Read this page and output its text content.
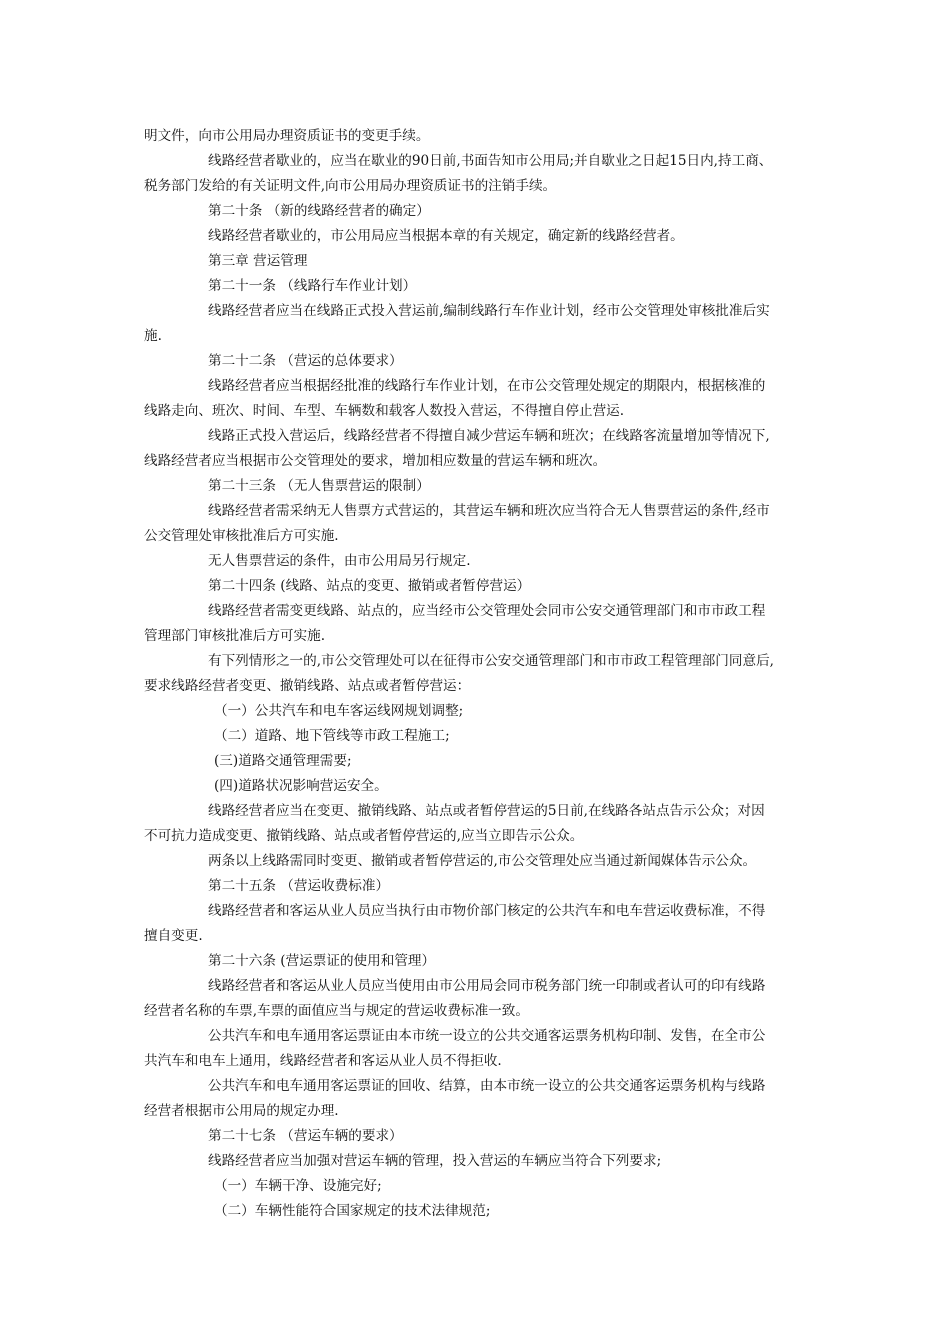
明文件，向市公用局办理资质证书的变更手续。

线路经营者歇业的，应当在歇业的90日前,书面告知市公用局;并自歇业之日起15日内,持工商、

税务部门发给的有关证明文件,向市公用局办理资质证书的注销手续。

第二十条 （新的线路经营者的确定）

线路经营者歇业的，市公用局应当根据本章的有关规定，确定新的线路经营者。

第三章 营运管理

第二十一条 （线路行车作业计划）

线路经营者应当在线路正式投入营运前,编制线路行车作业计划，经市公交管理处审核批准后实

施.

第二十二条 （营运的总体要求）

线路经营者应当根据经批准的线路行车作业计划，在市公交管理处规定的期限内，根据核准的

线路走向、班次、时间、车型、车辆数和载客人数投入营运，不得擅自停止营运.

线路正式投入营运后，线路经营者不得擅自减少营运车辆和班次；在线路客流量增加等情况下,

线路经营者应当根据市公交管理处的要求，增加相应数量的营运车辆和班次。

第二十三条 （无人售票营运的限制）

线路经营者需采纳无人售票方式营运的，其营运车辆和班次应当符合无人售票营运的条件,经市

公交管理处审核批准后方可实施.

无人售票营运的条件，由市公用局另行规定.

第二十四条 (线路、站点的变更、撤销或者暂停营运）

线路经营者需变更线路、站点的，应当经市公交管理处会同市公安交通管理部门和市市政工程

管理部门审核批准后方可实施.

有下列情形之一的,市公交管理处可以在征得市公安交通管理部门和市市政工程管理部门同意后,

要求线路经营者变更、撤销线路、站点或者暂停营运：

（一）公共汽车和电车客运线网规划调整;

（二）道路、地下管线等市政工程施工;

(三)道路交通管理需要;

(四)道路状况影响营运安全。

线路经营者应当在变更、撤销线路、站点或者暂停营运的5日前,在线路各站点告示公众；对因

不可抗力造成变更、撤销线路、站点或者暂停营运的,应当立即告示公众。

两条以上线路需同时变更、撤销或者暂停营运的,市公交管理处应当通过新闻媒体告示公众。

第二十五条 （营运收费标准）

线路经营者和客运从业人员应当执行由市物价部门核定的公共汽车和电车营运收费标准，不得

擅自变更.

第二十六条 (营运票证的使用和管理）

线路经营者和客运从业人员应当使用由市公用局会同市税务部门统一印制或者认可的印有线路

经营者名称的车票,车票的面值应当与规定的营运收费标准一致。

公共汽车和电车通用客运票证由本市统一设立的公共交通客运票务机构印制、发售，在全市公

共汽车和电车上通用，线路经营者和客运从业人员不得拒收.

公共汽车和电车通用客运票证的回收、结算，由本市统一设立的公共交通客运票务机构与线路

经营者根据市公用局的规定办理.

第二十七条 （营运车辆的要求）

线路经营者应当加强对营运车辆的管理，投入营运的车辆应当符合下列要求;

（一）车辆干净、设施完好;

（二）车辆性能符合国家规定的技术法律规范;
